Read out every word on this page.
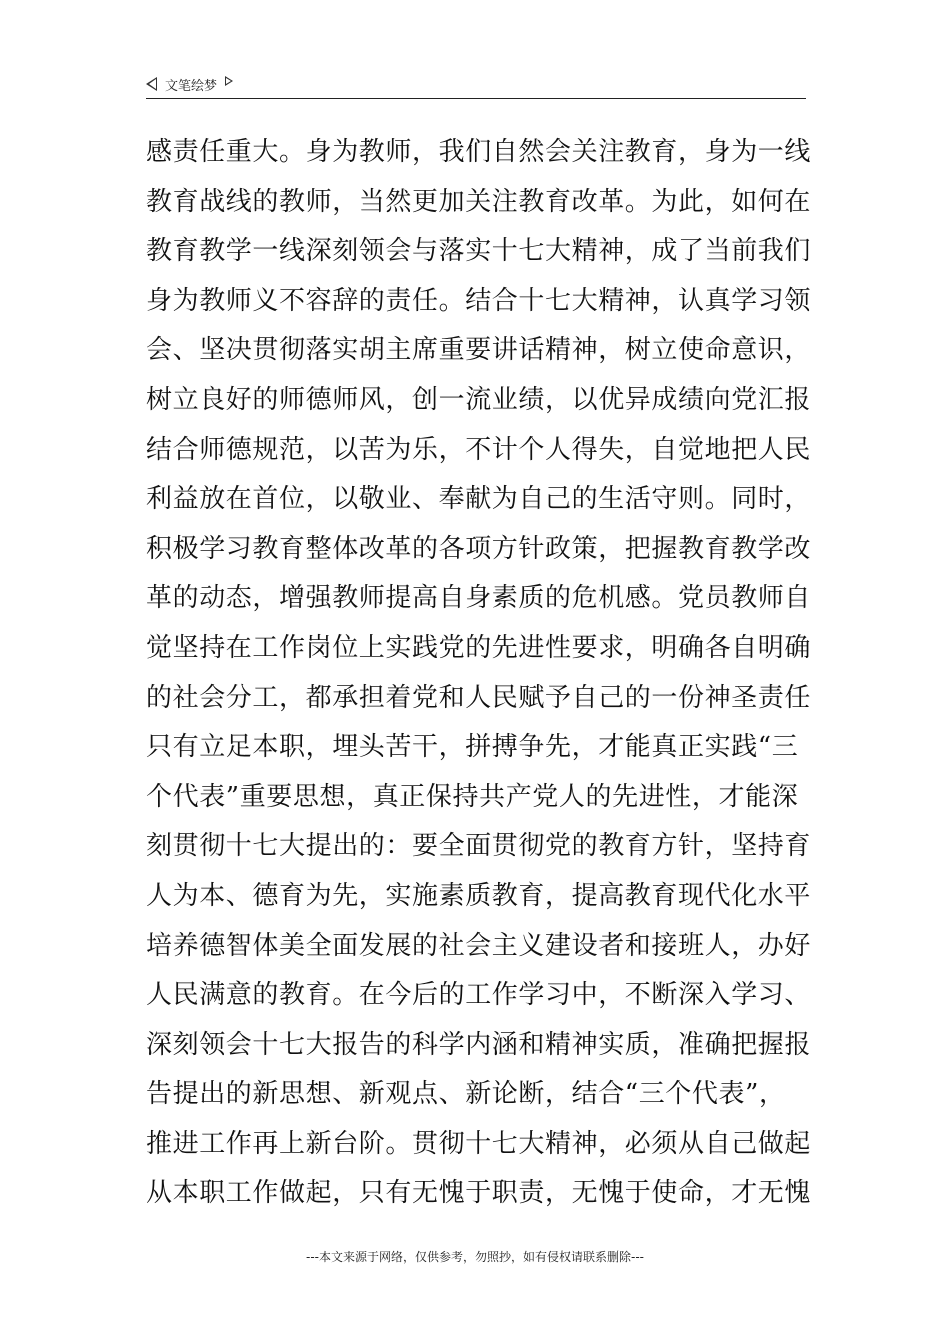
文笔绘梦
感责任重大。身为教师，我们自然会关注教育，身为一线
教育战线的教师，当然更加关注教育改革。为此，如何在
教育教学一线深刻领会与落实十七大精神，成了当前我们
身为教师义不容辞的责任。结合十七大精神，认真学习领
会、坚决贯彻落实胡主席重要讲话精神，树立使命意识，
树立良好的师德师风，创一流业绩，以优异成绩向党汇报
结合师德规范，以苦为乐，不计个人得失，自觉地把人民
利益放在首位，以敬业、奉献为自己的生活守则。同时，
积极学习教育整体改革的各项方针政策，把握教育教学改
革的动态，增强教师提高自身素质的危机感。党员教师自
觉坚持在工作岗位上实践党的先进性要求，明确各自明确
的社会分工，都承担着党和人民赋予自己的一份神圣责任
只有立足本职，埋头苦干，拼搏争先，才能真正实践“三
个代表”重要思想，真正保持共产党人的先进性，才能深
刻贯彻十七大提出的：要全面贯彻党的教育方针，坚持育
人为本、德育为先，实施素质教育，提高教育现代化水平
培养德智体美全面发展的社会主义建设者和接班人，办好
人民满意的教育。在今后的工作学习中，不断深入学习、
深刻领会十七大报告的科学内涵和精神实质，准确把握报
告提出的新思想、新观点、新论断，结合“三个代表”，
推进工作再上新台阶。贯彻十七大精神，必须从自己做起
从本职工作做起，只有无愧于职责，无愧于使命，才无愧
---本文来源于网络，仅供参考，勿照抄，如有侵权请联系删除---
